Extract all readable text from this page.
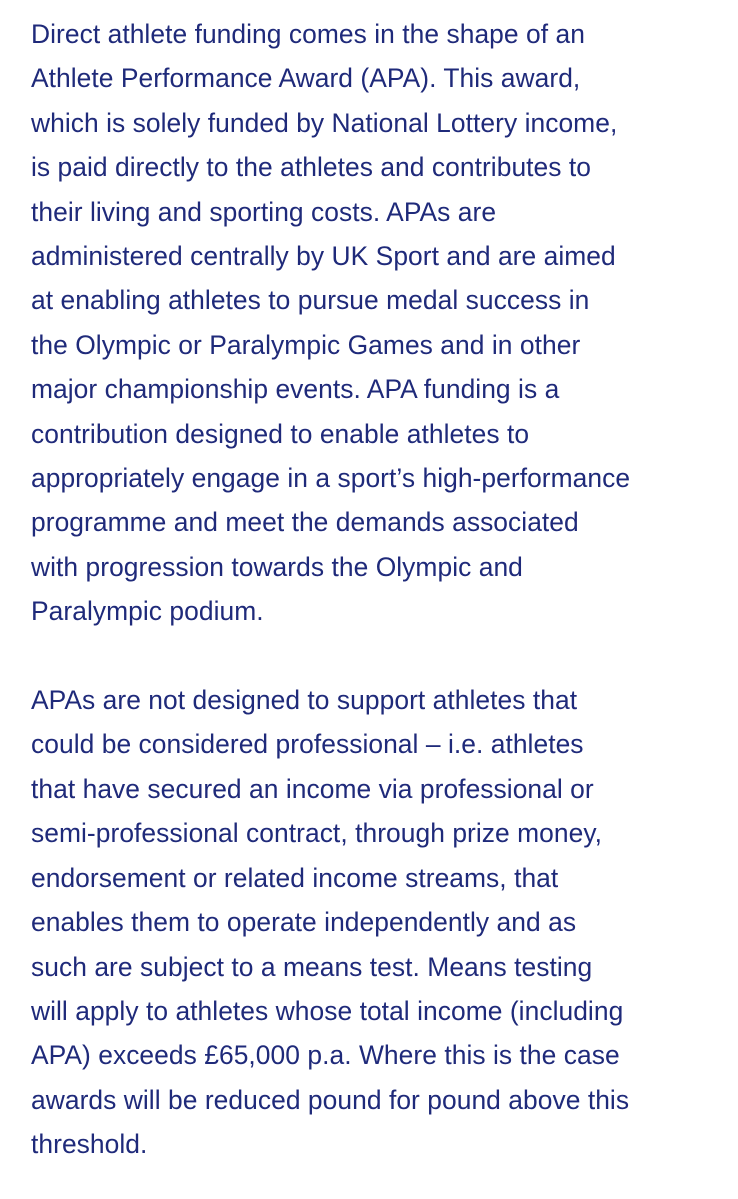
Direct athlete funding comes in the shape of an
Athlete Performance Award (APA). This award,
which is solely funded by National Lottery income,
is paid directly to the athletes and contributes to
their living and sporting costs. APAs are
administered centrally by UK Sport and are aimed
at enabling athletes to pursue medal success in
the Olympic or Paralympic Games and in other
major championship events. APA funding is a
contribution designed to enable athletes to
appropriately engage in a sport’s high-performance
programme and meet the demands associated
with progression towards the Olympic and
Paralympic podium.

APAs are not designed to support athletes that
could be considered professional – i.e. athletes
that have secured an income via professional or
semi-professional contract, through prize money,
endorsement or related income streams, that
enables them to operate independently and as
such are subject to a means test. Means testing
will apply to athletes whose total income (including
APA) exceeds £65,000 p.a. Where this is the case
awards will be reduced pound for pound above this
threshold.
